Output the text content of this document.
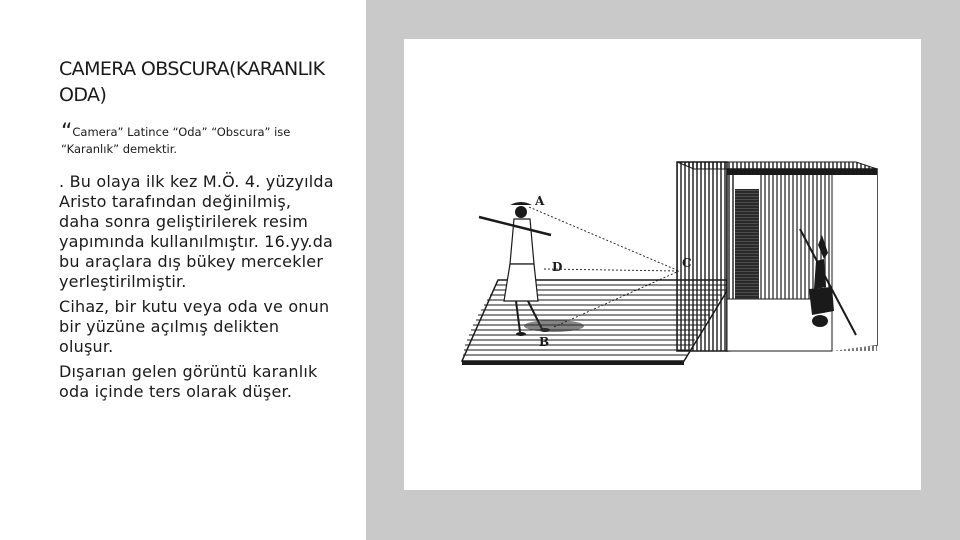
CAMERA OBSCURA(KARANLIK ODA)

“Camera” Latince “Oda” “Obscura” ise “Karanlık” demektir.

. Bu olaya ilk kez M.Ö. 4. yüzyılda Aristo tarafından değinilmiş, daha sonra geliştirilerek resim yapımında kullanılmıştır. 16.yy.da bu araçlara dış bükey mercekler yerleştirilmiştir.

Cihaz, bir kutu veya oda ve onun bir yüzüne açılmış delikten oluşur.

Dışarıan gelen görüntü karanlık oda içinde ters olarak düşer.

A
B
C
D
